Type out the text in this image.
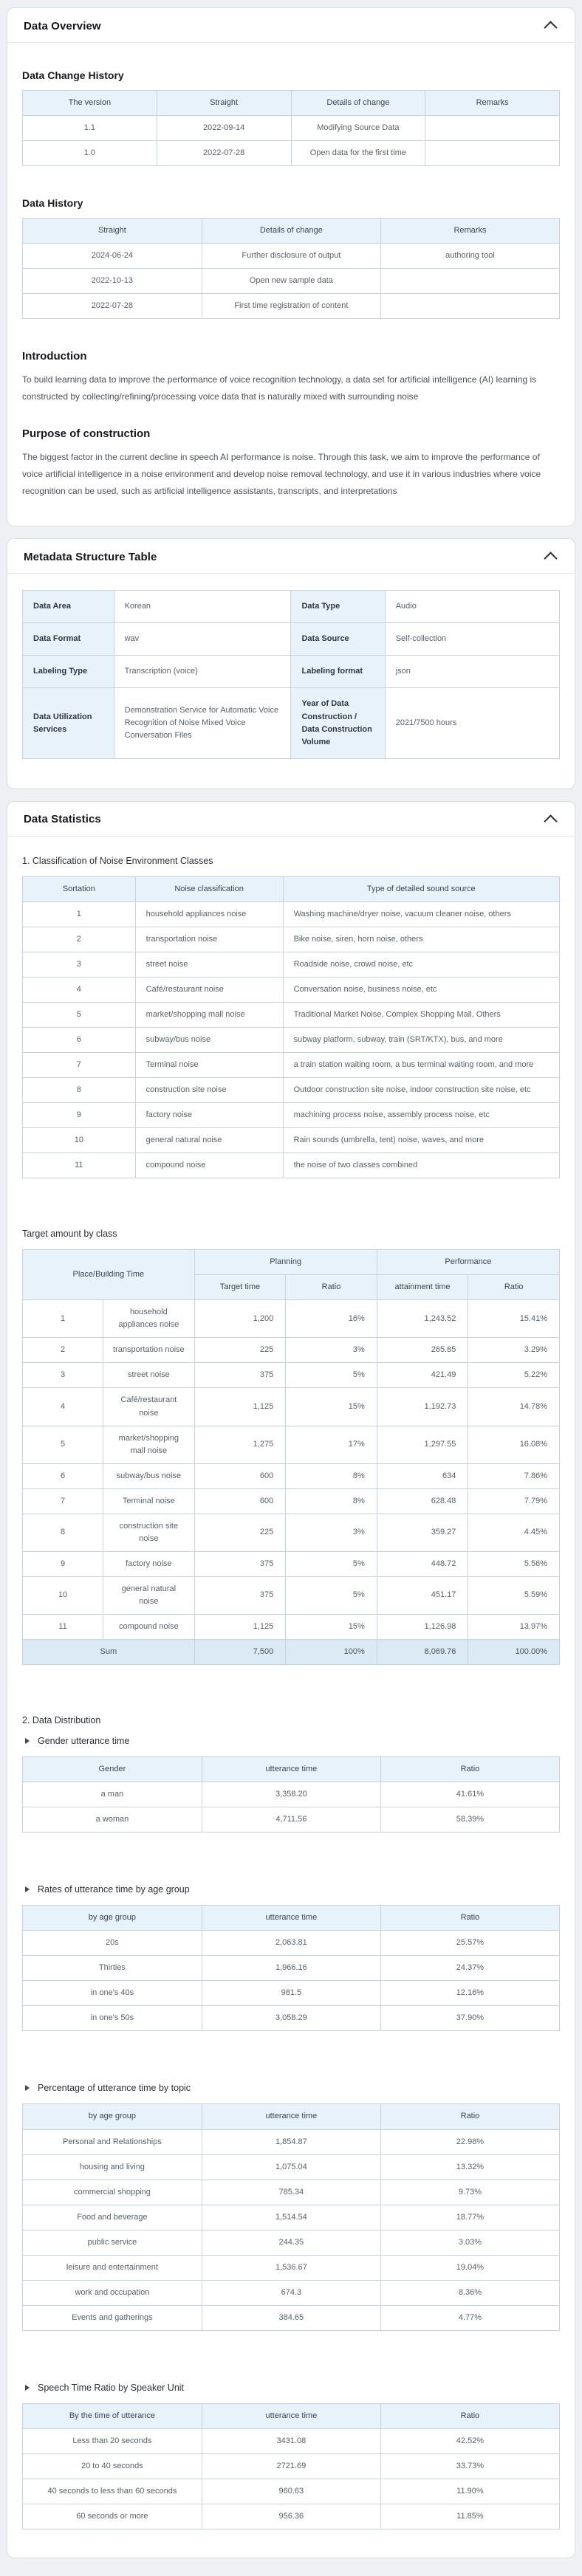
Data Overview
Data Change History
The version	Straight	Details of change	Remarks
1.1	2022-09-14	Modifying Source Data	
1.0	2022-07-28	Open data for the first time	
Data History
Straight	Details of change	Remarks
2024-06-24	Further disclosure of output	authoring tool
2022-10-13	Open new sample data	
2022-07-28	First time registration of content	
Introduction

To build learning data to improve the performance of voice recognition technology, a data set for artificial intelligence (AI) learning is constructed by collecting/refining/processing voice data that is naturally mixed with surrounding noise

Purpose of construction

The biggest factor in the current decline in speech AI performance is noise. Through this task, we aim to improve the performance of voice artificial intelligence in a noise environment and develop noise removal technology, and use it in various industries where voice recognition can be used, such as artificial intelligence assistants, transcripts, and interpretations

Metadata Structure Table
Data Area	Korean	Data Type	Audio
Data Format	wav	Data Source	Self-collection
Labeling Type	Transcription (voice)	Labeling format	json
Data Utilization Services	Demonstration Service for Automatic Voice Recognition of Noise Mixed Voice Conversation Files	Year of Data Construction / Data Construction Volume	2021/7500 hours
Data Statistics
1. Classification of Noise Environment Classes
Sortation	Noise classification	Type of detailed sound source
1	household appliances noise	Washing machine/dryer noise, vacuum cleaner noise, others
2	transportation noise	Bike noise, siren, horn noise, others
3	street noise	Roadside noise, crowd noise, etc
4	Café/restaurant noise	Conversation noise, business noise, etc
5	market/shopping mall noise	Traditional Market Noise, Complex Shopping Mall, Others
6	subway/bus noise	subway platform, subway, train (SRT/KTX), bus, and more
7	Terminal noise	a train station waiting room, a bus terminal waiting room, and more
8	construction site noise	Outdoor construction site noise, indoor construction site noise, etc
9	factory noise	machining process noise, assembly process noise, etc
10	general natural noise	Rain sounds (umbrella, tent) noise, waves, and more
11	compound noise	the noise of two classes combined
Target amount by class
Place/Building Time		Planning		Performance	
		Target time	Ratio	attainment time	Ratio
1	household appliances noise	1,200	16%	1,243.52	15.41%
2	transportation noise	225	3%	265.85	3.29%
3	street noise	375	5%	421.49	5.22%
4	Café/restaurant noise	1,125	15%	1,192.73	14.78%
5	market/shopping mall noise	1,275	17%	1,297.55	16.08%
6	subway/bus noise	600	8%	634	7.86%
7	Terminal noise	600	8%	628.48	7.79%
8	construction site noise	225	3%	359.27	4.45%
9	factory noise	375	5%	448.72	5.56%
10	general natural noise	375	5%	451.17	5.59%
11	compound noise	1,125	15%	1,126.98	13.97%
Sum		7,500	100%	8,069.76	100.00%
2. Data Distribution
Gender utterance time
Gender	utterance time	Ratio
a man	3,358.20	41.61%
a woman	4,711.56	58.39%
Rates of utterance time by age group
by age group	utterance time	Ratio
20s	2,063.81	25.57%
Thirties	1,966.16	24.37%
in one's 40s	981.5	12.16%
in one's 50s	3,058.29	37.90%
Percentage of utterance time by topic
by age group	utterance time	Ratio
Personal and Relationships	1,854.87	22.98%
housing and living	1,075.04	13.32%
commercial shopping	785.34	9.73%
Food and beverage	1,514.54	18.77%
public service	244.35	3.03%
leisure and entertainment	1,536.67	19.04%
work and occupation	674.3	8.36%
Events and gatherings	384.65	4.77%
Speech Time Ratio by Speaker Unit
By the time of utterance	utterance time	Ratio
Less than 20 seconds	3431.08	42.52%
20 to 40 seconds	2721.69	33.73%
40 seconds to less than 60 seconds	960.63	11.90%
60 seconds or more	956.36	11.85%
